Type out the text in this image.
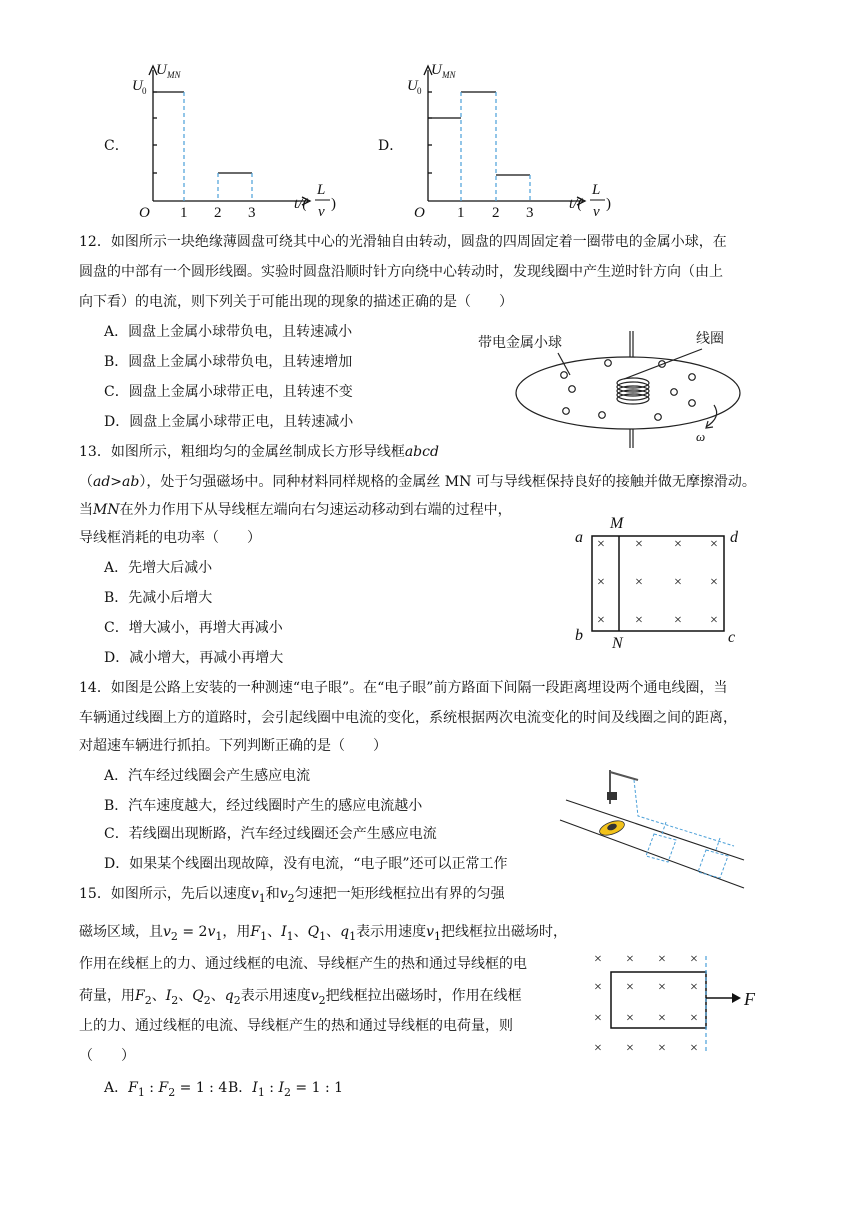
C．	D．
U MN
U 0
O 1 2 3
t/(
L
v )
U MN
U 0
O 1 2 3
t/(
L
v )
12．如图所示一块绝缘薄圆盘可绕其中心的光滑轴自由转动，圆盘的四周固定着一圈带电的金属小球，在
圆盘的中部有一个圆形线圈。实验时圆盘沿顺时针方向绕中心转动时，发现线圈中产生逆时针方向（由上
向下看）的电流，则下列关于可能出现的现象的描述正确的是（　　）
A．圆盘上金属小球带负电，且转速减小
B．圆盘上金属小球带负电，且转速增加
C．圆盘上金属小球带正电，且转速不变
D．圆盘上金属小球带正电，且转速减小
带电金属小球	线圈
ω
13．如图所示，粗细均匀的金属丝制成长方形导线框abcd
（ad>ab），处于匀强磁场中。同种材料同样规格的金属丝 MN 可与导线框保持良好的接触并做无摩擦滑动。
当MN在外力作用下从导线框左端向右匀速运动移动到右端的过程中，
导线框消耗的电功率（　　）
A．先增大后减小
B．先减小后增大
C．增大减小，再增大再减小
D．减小增大，再减小再增大
×
×
×
×
×
×
×
×
×
×
×
×
a
b	c
d
M
N
14．如图是公路上安装的一种测速“电子眼”。在“电子眼”前方路面下间隔一段距离埋设两个通电线圈，当
车辆通过线圈上方的道路时，会引起线圈中电流的变化，系统根据两次电流变化的时间及线圈之间的距离，
对超速车辆进行抓拍。下列判断正确的是（　　）
A．汽车经过线圈会产生感应电流
B．汽车速度越大，经过线圈时产生的感应电流越小
C．若线圈出现断路，汽车经过线圈还会产生感应电流
D．如果某个线圈出现故障，没有电流，“电子眼”还可以正常工作
15．如图所示，先后以速度$v_1$和$v_2$匀速把一矩形线框拉出有界的匀强
磁场区域，且$v_2 = 2v_1$，用$F_1$、$I_1$、$Q_1$、$q_1$表示用速度$v_1$把线框拉出磁场时，
作用在线框上的力、通过线框的电流、导线框产生的热和通过导线框的电
荷量，用$F_2$、$I_2$、$Q_2$、$q_2$表示用速度$v_2$把线框拉出磁场时，作用在线框
上的力、通过线框的电流、导线框产生的热和通过导线框的电荷量，则
（　　）
A．$F_1$ : $F_2 = 1$ : 4 B．$I_1$ : $I_2 = 1$ : 1
× × × ×
× × × ×
× × × ×
× × × ×
F
